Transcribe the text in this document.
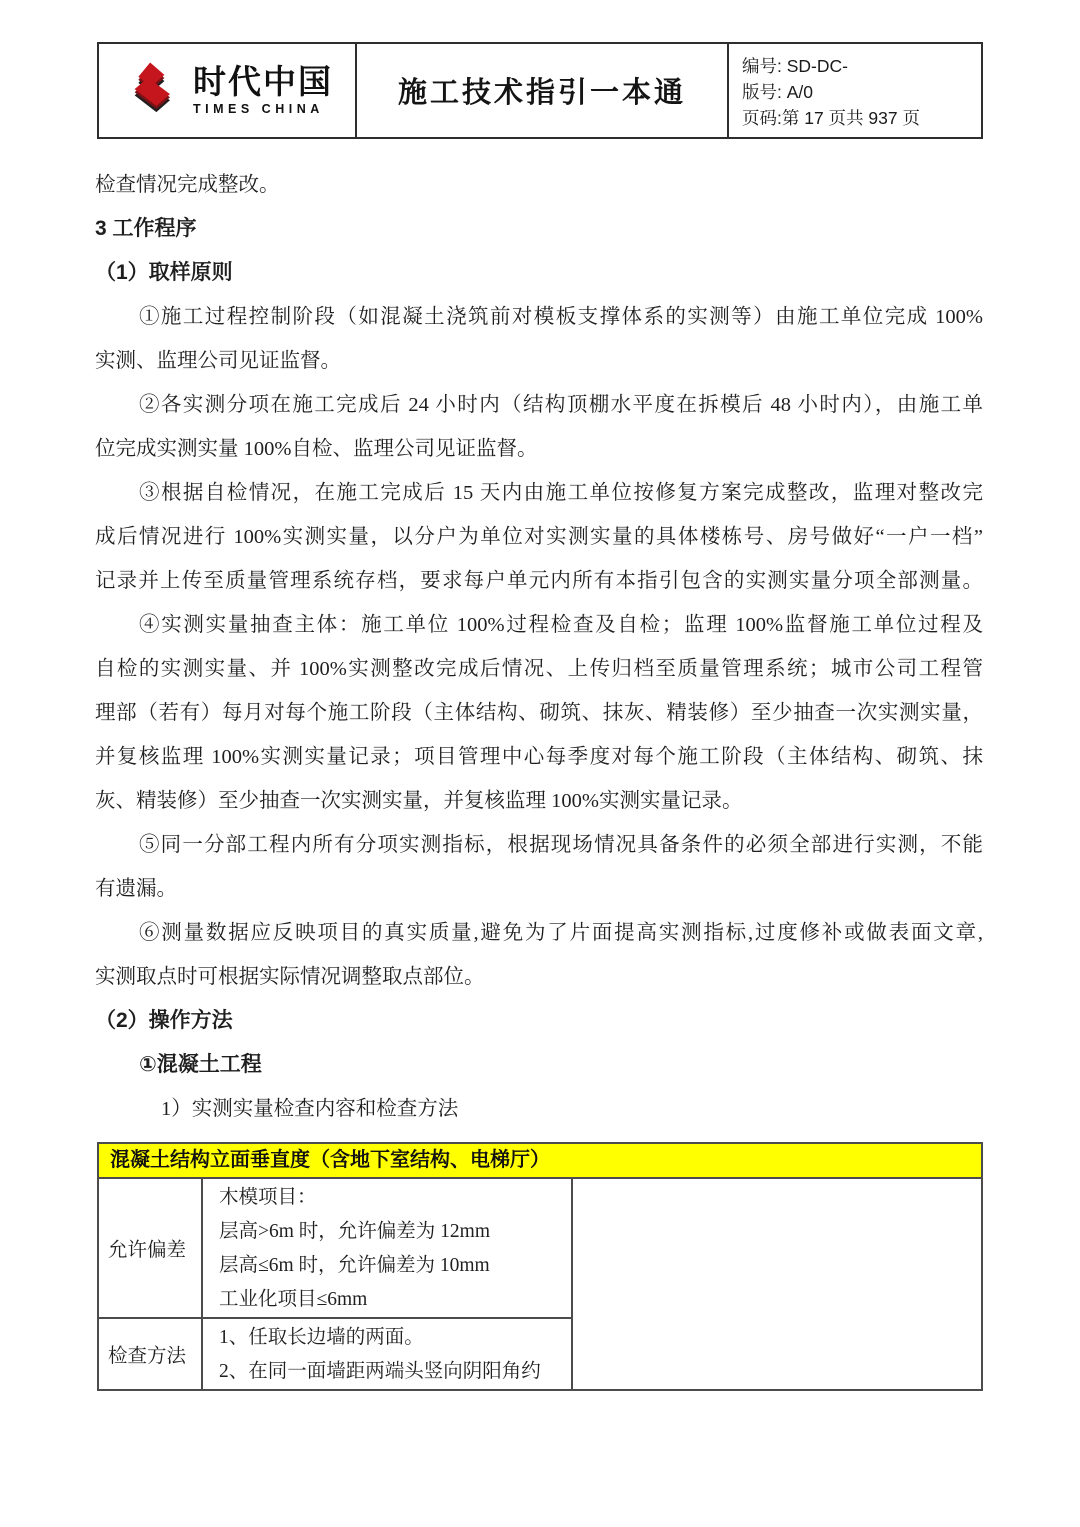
时代中国
TIMES CHINA
施工技术指引一本通
编号: SD-DC-
版号: A/0
页码:第 17 页共 937 页
检查情况完成整改。
3 工作程序
（1）取样原则
①施工过程控制阶段（如混凝土浇筑前对模板支撑体系的实测等）由施工单位完成 100%
实测、监理公司见证监督。
②各实测分项在施工完成后 24 小时内（结构顶棚水平度在拆模后 48 小时内），由施工单
位完成实测实量 100%自检、监理公司见证监督。
③根据自检情况，在施工完成后 15 天内由施工单位按修复方案完成整改，监理对整改完
成后情况进行 100%实测实量，以分户为单位对实测实量的具体楼栋号、房号做好“一户一档”
记录并上传至质量管理系统存档，要求每户单元内所有本指引包含的实测实量分项全部测量。
④实测实量抽查主体：施工单位 100%过程检查及自检；监理 100%监督施工单位过程及
自检的实测实量、并 100%实测整改完成后情况、上传归档至质量管理系统；城市公司工程管
理部（若有）每月对每个施工阶段（主体结构、砌筑、抹灰、精装修）至少抽查一次实测实量，
并复核监理 100%实测实量记录；项目管理中心每季度对每个施工阶段（主体结构、砌筑、抹
灰、精装修）至少抽查一次实测实量，并复核监理 100%实测实量记录。
⑤同一分部工程内所有分项实测指标，根据现场情况具备条件的必须全部进行实测，不能
有遗漏。
⑥测量数据应反映项目的真实质量,避免为了片面提高实测指标,过度修补或做表面文章,
实测取点时可根据实际情况调整取点部位。
（2）操作方法
①混凝土工程
1）实测实量检查内容和检查方法
混凝土结构立面垂直度（含地下室结构、电梯厅）
允许偏差
木模项目：
层高>6m 时，允许偏差为 12mm
层高≤6m 时，允许偏差为 10mm
工业化项目≤6mm
检查方法
1、任取长边墙的两面。
2、在同一面墙距两端头竖向阴阳角约
